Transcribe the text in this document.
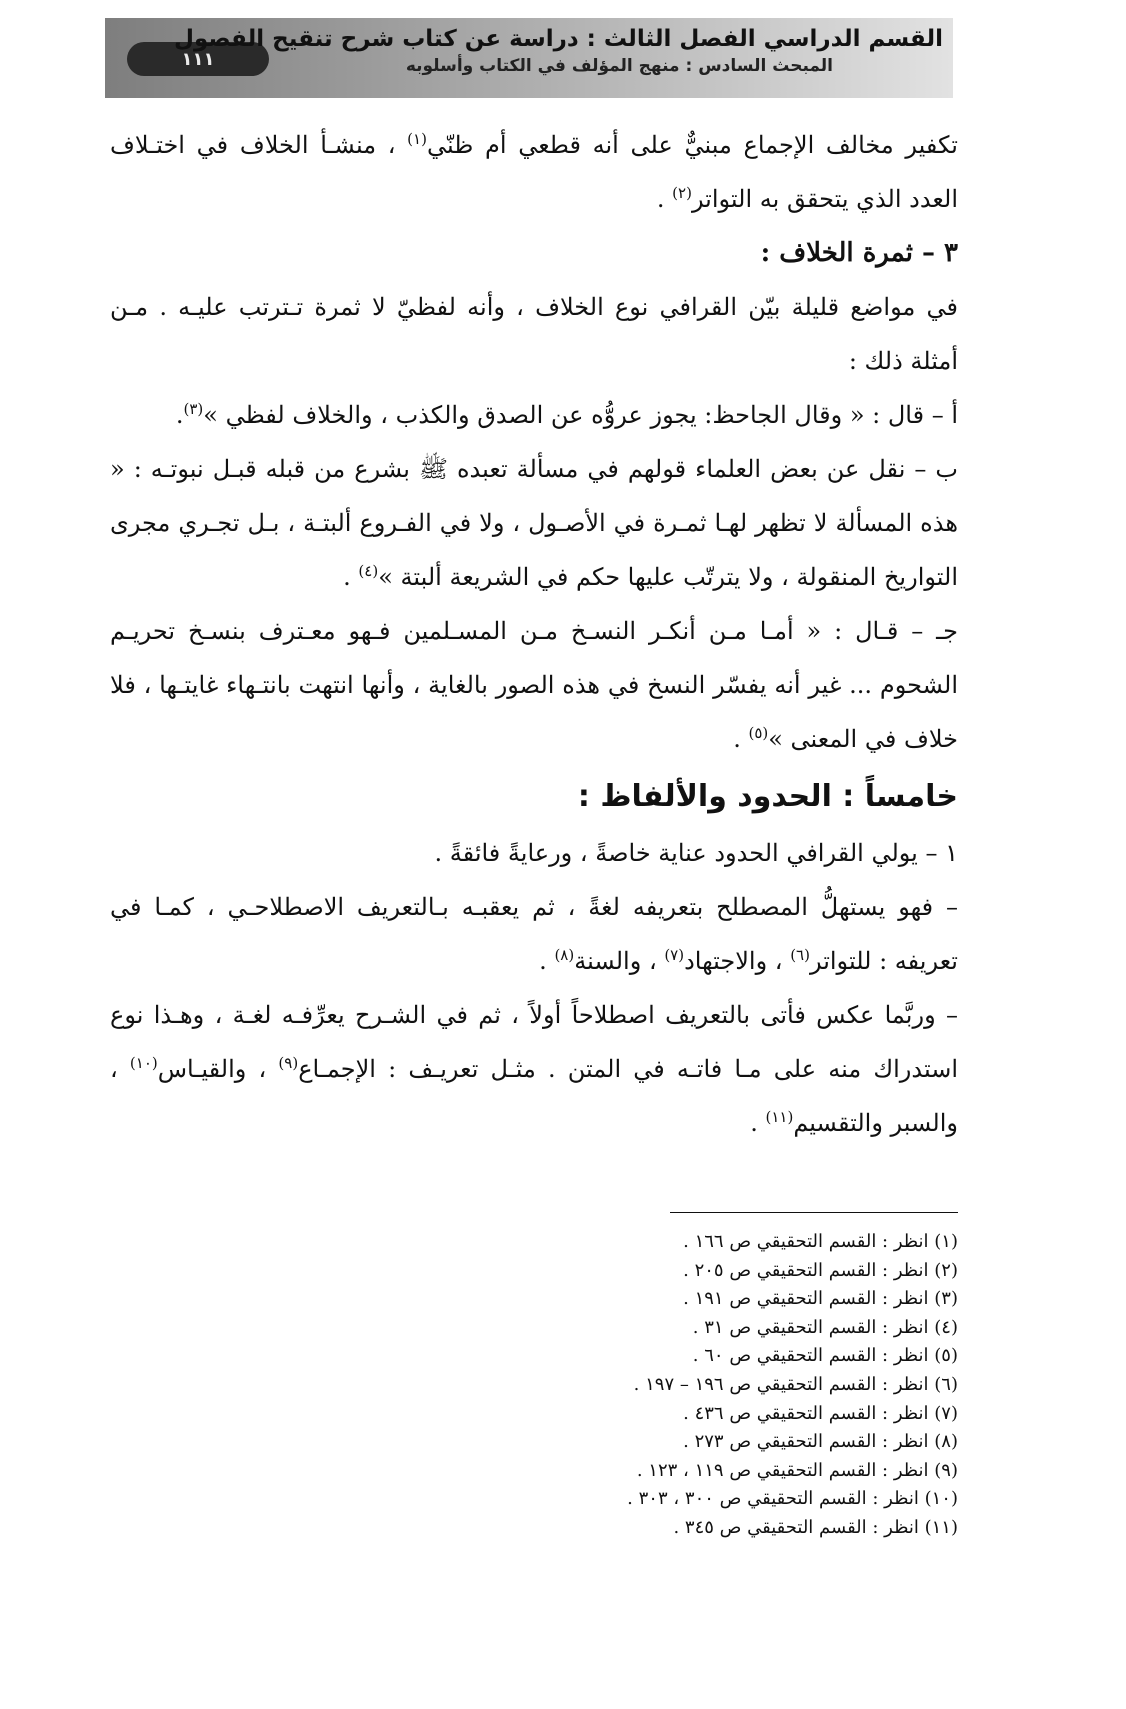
١١١
القسم الدراسي الفصل الثالث : دراسة عن كتاب شرح تنقيح الفصول
المبحث السادس : منهج المؤلف في الكتاب وأسلوبه

تكفير مخالف الإجماع مبنيٌّ على أنه قطعي أم ظنّي$^{(١)}$ ، منشـأ الخلاف في اختـلاف العدد الذي يتحقق به التواتر$^{(٢)}$ .

٣ – ثمرة الخلاف :

في مواضع قليلة بيّن القرافي نوع الخلاف ، وأنه لفظيّ لا ثمرة تـترتب عليـه . مـن أمثلة ذلك :

أ – قال : « وقال الجاحظ: يجوز عروُّه عن الصدق والكذب ، والخلاف لفظي »$^{(٣)}$.

ب – نقل عن بعض العلماء قولهم في مسألة تعبده ﷺ بشرع من قبله قبـل نبوتـه : « هذه المسألة لا تظهر لهـا ثمـرة في الأصـول ، ولا في الفـروع ألبتـة ، بـل تجـري مجرى التواريخ المنقولة ، ولا يترتّب عليها حكم في الشريعة ألبتة »$^{(٤)}$ .

جـ – قـال : « أمـا مـن أنكـر النسـخ مـن المسـلمين فـهو معـترف بنسـخ تحريـم الشحوم ... غير أنه يفسّر النسخ في هذه الصور بالغاية ، وأنها انتهت بانتـهاء غايتـها ، فلا خلاف في المعنى »$^{(٥)}$ .

خامساً : الحدود والألفاظ :

١ – يولي القرافي الحدود عناية خاصةً ، ورعايةً فائقةً .

– فهو يستهلُّ المصطلح بتعريفه لغةً ، ثم يعقبـه بـالتعريف الاصطلاحـي ، كمـا في تعريفه : للتواتر$^{(٦)}$ ، والاجتهاد$^{(٧)}$ ، والسنة$^{(٨)}$ .

– وربَّما عكس فأتى بالتعريف اصطلاحاً أولاً ، ثم في الشـرح يعرِّفـه لغـة ، وهـذا نوع استدراك منه على مـا فاتـه في المتن . مثـل تعريـف : الإجمـاع$^{(٩)}$ ، والقيـاس$^{(١٠)}$ ، والسبر والتقسيم$^{(١١)}$ .

(١) انظر : القسم التحقيقي ص ١٦٦ .
(٢) انظر : القسم التحقيقي ص ٢٠٥ .
(٣) انظر : القسم التحقيقي ص ١٩١ .
(٤) انظر : القسم التحقيقي ص ٣١ .
(٥) انظر : القسم التحقيقي ص ٦٠ .
(٦) انظر : القسم التحقيقي ص ١٩٦ – ١٩٧ .
(٧) انظر : القسم التحقيقي ص ٤٣٦ .
(٨) انظر : القسم التحقيقي ص ٢٧٣ .
(٩) انظر : القسم التحقيقي ص ١١٩ ، ١٢٣ .
(١٠) انظر : القسم التحقيقي ص ٣٠٠ ، ٣٠٣ .
(١١) انظر : القسم التحقيقي ص ٣٤٥ .
